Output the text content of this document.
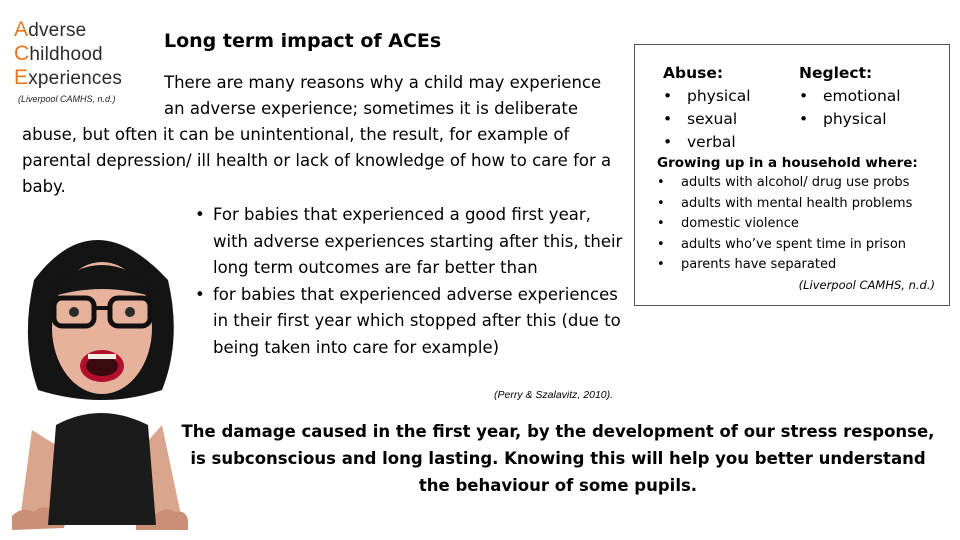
Adverse
Childhood
Experiences
(Liverpool CAMHS, n.d.)
Long term impact of ACEs
There are many reasons why a child may experience
an adverse experience; sometimes it is deliberate
abuse, but often it can be unintentional, the result, for example of parental depression/ ill health or lack of knowledge of how to care for a baby.
• For babies that experienced a good first year, with adverse experiences starting after this, their long term outcomes are far better than
• for babies that experienced adverse experiences in their first year which stopped after this (due to being taken into care for example)
(Perry & Szalavitz, 2010).
The damage caused in the first year, by the development of our stress response, is subconscious and long lasting. Knowing this will help you better understand the behaviour of some pupils.
Abuse:
• physical
• sexual
• verbal
Neglect:
• emotional
• physical
Growing up in a household where:
• adults with alcohol/ drug use probs
• adults with mental health problems
• domestic violence
• adults who’ve spent time in prison
• parents have separated
(Liverpool CAMHS, n.d.)
